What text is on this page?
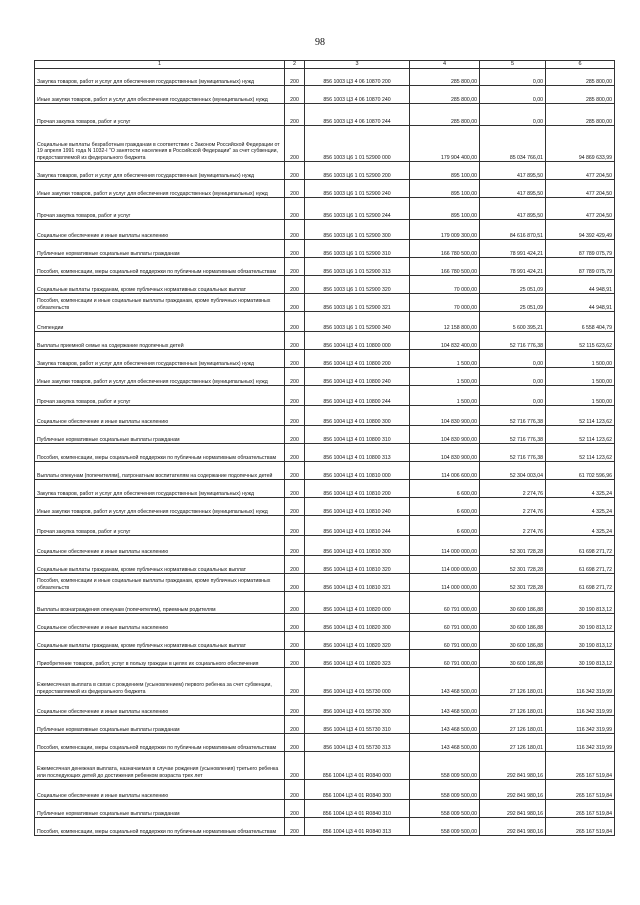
98
1	2	3	4	5	6
Закупка товаров, работ и услуг для обеспечения государственных (муниципальных) нужд	200	856 1003 Ц3 4 06 10870 200	285 800,00	0,00	285 800,00
Иные закупки товаров, работ и услуг для обеспечения государственных (муниципальных) нужд	200	856 1003 Ц3 4 06 10870 240	285 800,00	0,00	285 800,00
Прочая закупка товаров, работ и услуг	200	856 1003 Ц3 4 06 10870 244	285 800,00	0,00	285 800,00
Социальные выплаты безработным гражданам в соответствии с Законом Российской Федерации от 19 апреля 1991 года N 1032-I "О занятости населения в Российской Федерации" за счет субвенции, предоставляемой из федерального бюджета	200	856 1003 Ц6 1 01 52900 000	179 904 400,00	85 034 766,01	94 869 633,99
Закупка товаров, работ и услуг для обеспечения государственных (муниципальных) нужд	200	856 1003 Ц6 1 01 52900 200	895 100,00	417 895,50	477 204,50
Иные закупки товаров, работ и услуг для обеспечения государственных (муниципальных) нужд	200	856 1003 Ц6 1 01 52900 240	895 100,00	417 895,50	477 204,50
Прочая закупка товаров, работ и услуг	200	856 1003 Ц6 1 01 52900 244	895 100,00	417 895,50	477 204,50
Социальное обеспечение и иные выплаты населению	200	856 1003 Ц6 1 01 52900 300	179 009 300,00	84 616 870,51	94 392 429,49
Публичные нормативные социальные выплаты гражданам	200	856 1003 Ц6 1 01 52900 310	166 780 500,00	78 991 424,21	87 789 075,79
Пособия, компенсации, меры социальной поддержки по публичным нормативным обязательствам	200	856 1003 Ц6 1 01 52900 313	166 780 500,00	78 991 424,21	87 789 075,79
Социальные выплаты гражданам, кроме публичных нормативных социальных выплат	200	856 1003 Ц6 1 01 52900 320	70 000,00	25 051,09	44 948,91
Пособия, компенсации и иные социальные выплаты гражданам, кроме публичных нормативных обязательств	200	856 1003 Ц6 1 01 52900 321	70 000,00	25 051,09	44 948,91
Стипендии	200	856 1003 Ц6 1 01 52900 340	12 158 800,00	5 600 395,21	6 558 404,79
Выплаты приемной семье на содержание подопечных детей	200	856 1004 Ц3 4 01 10800 000	104 832 400,00	52 716 776,38	52 115 623,62
Закупка товаров, работ и услуг для обеспечения государственных (муниципальных) нужд	200	856 1004 Ц3 4 01 10800 200	1 500,00	0,00	1 500,00
Иные закупки товаров, работ и услуг для обеспечения государственных (муниципальных) нужд	200	856 1004 Ц3 4 01 10800 240	1 500,00	0,00	1 500,00
Прочая закупка товаров, работ и услуг	200	856 1004 Ц3 4 01 10800 244	1 500,00	0,00	1 500,00
Социальное обеспечение и иные выплаты населению	200	856 1004 Ц3 4 01 10800 300	104 830 900,00	52 716 776,38	52 114 123,62
Публичные нормативные социальные выплаты гражданам	200	856 1004 Ц3 4 01 10800 310	104 830 900,00	52 716 776,38	52 114 123,62
Пособия, компенсации, меры социальной поддержки по публичным нормативным обязательствам	200	856 1004 Ц3 4 01 10800 313	104 830 900,00	52 716 776,38	52 114 123,62
Выплаты опекунам (попечителям), патронатным воспитателям на содержание подопечных детей	200	856 1004 Ц3 4 01 10810 000	114 006 600,00	52 304 003,04	61 702 596,96
Закупка товаров, работ и услуг для обеспечения государственных (муниципальных) нужд	200	856 1004 Ц3 4 01 10810 200	6 600,00	2 274,76	4 325,24
Иные закупки товаров, работ и услуг для обеспечения государственных (муниципальных) нужд	200	856 1004 Ц3 4 01 10810 240	6 600,00	2 274,76	4 325,24
Прочая закупка товаров, работ и услуг	200	856 1004 Ц3 4 01 10810 244	6 600,00	2 274,76	4 325,24
Социальное обеспечение и иные выплаты населению	200	856 1004 Ц3 4 01 10810 300	114 000 000,00	52 301 728,28	61 698 271,72
Социальные выплаты гражданам, кроме публичных нормативных социальных выплат	200	856 1004 Ц3 4 01 10810 320	114 000 000,00	52 301 728,28	61 698 271,72
Пособия, компенсации и иные социальные выплаты гражданам, кроме публичных нормативных обязательств	200	856 1004 Ц3 4 01 10810 321	114 000 000,00	52 301 728,28	61 698 271,72
Выплаты вознаграждения опекунам (попечителям), приемным родителям	200	856 1004 Ц3 4 01 10820 000	60 791 000,00	30 600 186,88	30 190 813,12
Социальное обеспечение и иные выплаты населению	200	856 1004 Ц3 4 01 10820 300	60 791 000,00	30 600 186,88	30 190 813,12
Социальные выплаты гражданам, кроме публичных нормативных социальных выплат	200	856 1004 Ц3 4 01 10820 320	60 791 000,00	30 600 186,88	30 190 813,12
Приобретение товаров, работ, услуг в пользу граждан в целях их социального обеспечения	200	856 1004 Ц3 4 01 10820 323	60 791 000,00	30 600 186,88	30 190 813,12
Ежемесячная выплата в связи с рождением (усыновлением) первого ребенка за счет субвенции, предоставляемой из федерального бюджета	200	856 1004 Ц3 4 01 55730 000	143 468 500,00	27 126 180,01	116 342 319,99
Социальное обеспечение и иные выплаты населению	200	856 1004 Ц3 4 01 55730 300	143 468 500,00	27 126 180,01	116 342 319,99
Публичные нормативные социальные выплаты гражданам	200	856 1004 Ц3 4 01 55730 310	143 468 500,00	27 126 180,01	116 342 319,99
Пособия, компенсации, меры социальной поддержки по публичным нормативным обязательствам	200	856 1004 Ц3 4 01 55730 313	143 468 500,00	27 126 180,01	116 342 319,99
Ежемесячная денежная выплата, назначаемая в случае рождения (усыновления) третьего ребенка или последующих детей до достижения ребенком возраста трех лет	200	856 1004 Ц3 4 01 R0840 000	558 009 500,00	292 841 980,16	265 167 519,84
Социальное обеспечение и иные выплаты населению	200	856 1004 Ц3 4 01 R0840 300	558 009 500,00	292 841 980,16	265 167 519,84
Публичные нормативные социальные выплаты гражданам	200	856 1004 Ц3 4 01 R0840 310	558 009 500,00	292 841 980,16	265 167 519,84
Пособия, компенсации, меры социальной поддержки по публичным нормативным обязательствам	200	856 1004 Ц3 4 01 R0840 313	558 009 500,00	292 841 980,16	265 167 519,84
